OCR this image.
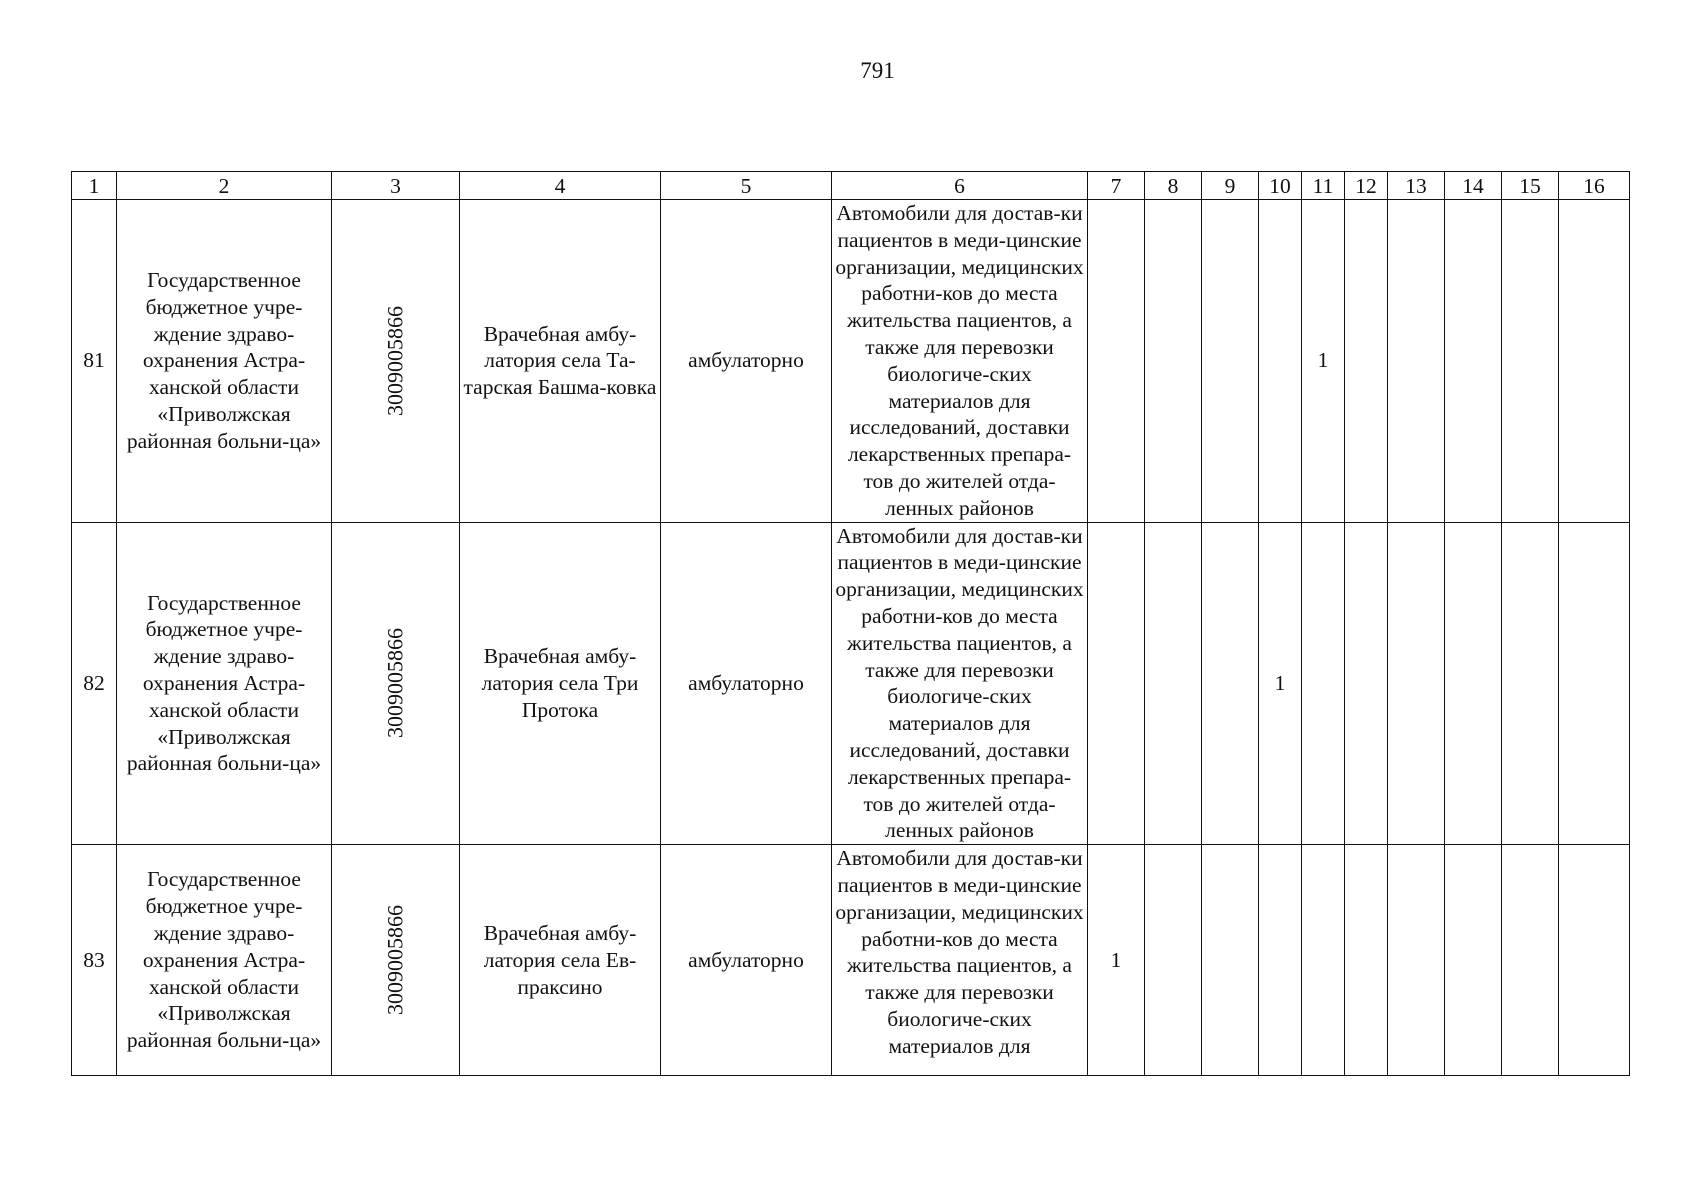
791
1	2	3	4	5	6	7	8	9	10	11	12	13	14	15	16
81	Государственное бюджетное учре-ждение здраво-охранения Астра-ханской области «Приволжская районная больни-ца»	3009005866	Врачебная амбу-латория села Та-тарская Башма-ковка	амбулаторно	Автомобили для достав-ки пациентов в меди-цинские организации, медицинских работни-ков до места жительства пациентов, а также для перевозки биологиче-ских материалов для исследований, доставки лекарственных препара-тов до жителей отда-ленных районов					1					
82	Государственное бюджетное учре-ждение здраво-охранения Астра-ханской области «Приволжская районная больни-ца»	3009005866	Врачебная амбу-латория села Три Протока	амбулаторно	Автомобили для достав-ки пациентов в меди-цинские организации, медицинских работни-ков до места жительства пациентов, а также для перевозки биологиче-ских материалов для исследований, доставки лекарственных препара-тов до жителей отда-ленных районов				1						
83	Государственное бюджетное учре-ждение здраво-охранения Астра-ханской области «Приволжская районная больни-ца»	3009005866	Врачебная амбу-латория села Ев-праксино	амбулаторно	Автомобили для достав-ки пациентов в меди-цинские организации, медицинских работни-ков до места жительства пациентов, а также для перевозки биологиче-ских материалов для	1									
